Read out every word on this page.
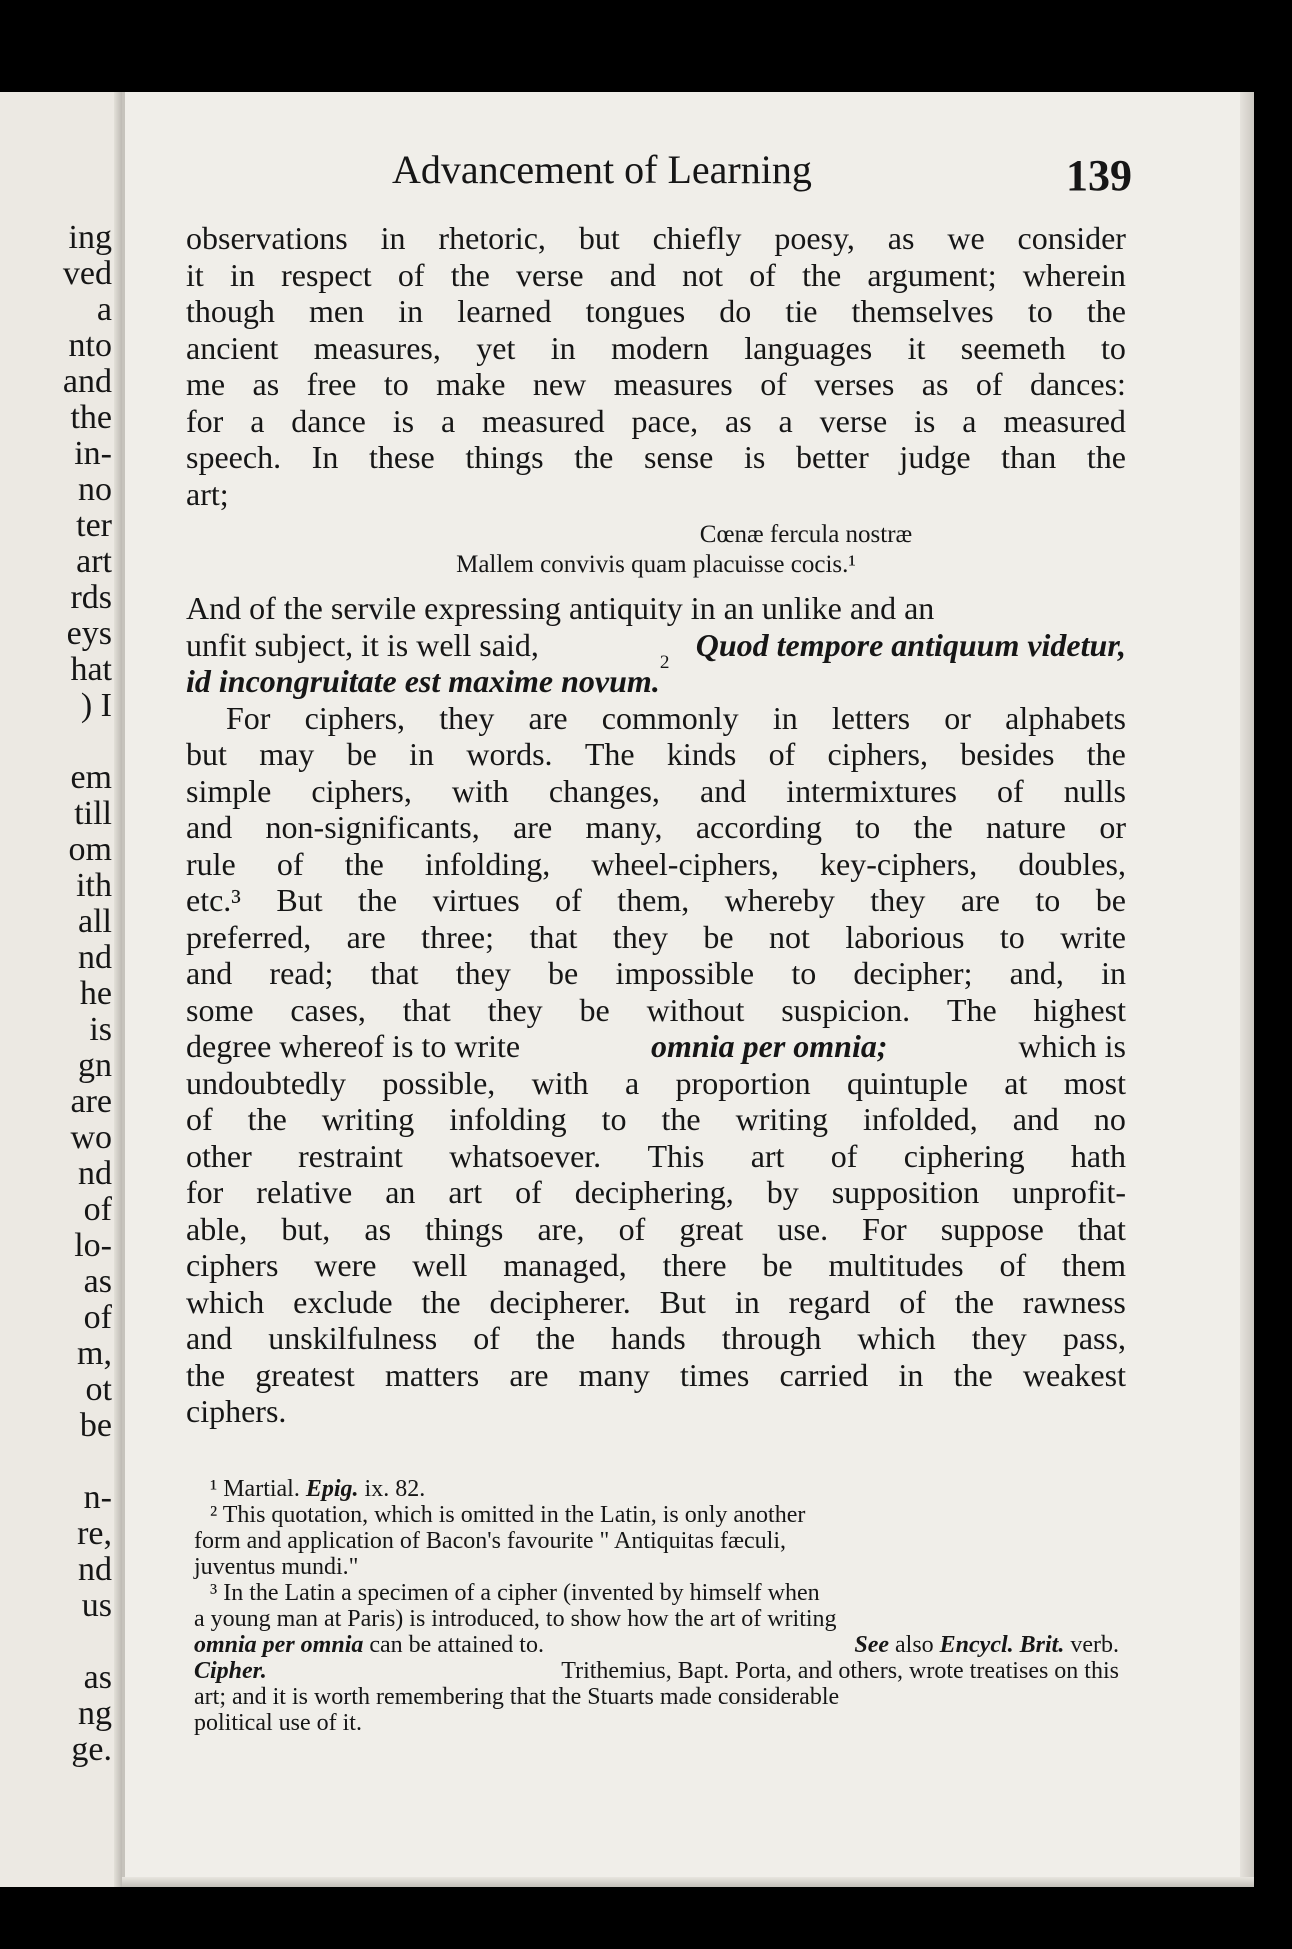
ing
ved
a
nto
and
the
in-
no
ter
art
rds
eys
hat
) I
em
till
om
ith
all
nd
he
is
gn
are
wo
nd
of
lo-
as
of
m,
ot
be
n-
re,
nd
us
as
ng
ge.
Advancement of Learning	139
observations in rhetoric, but chiefly poesy, as we consider
it in respect of the verse and not of the argument; wherein
though men in learned tongues do tie themselves to the
ancient measures, yet in modern languages it seemeth to
me as free to make new measures of verses as of dances:
for a dance is a measured pace, as a verse is a measured
speech. In these things the sense is better judge than the
art;
Cœnæ fercula nostræ
Mallem convivis quam placuisse cocis.¹
And of the servile expressing antiquity in an unlike and an
unfit subject, it is well said,	Quod tempore antiquum videtur,
id incongruitate est maxime novum.
2
For ciphers, they are commonly in letters or alphabets
but may be in words. The kinds of ciphers, besides the
simple ciphers, with changes, and intermixtures of nulls
and non-significants, are many, according to the nature or
rule of the infolding, wheel-ciphers, key-ciphers, doubles,
etc.³ But the virtues of them, whereby they are to be
preferred, are three; that they be not laborious to write
and read; that they be impossible to decipher; and, in
some cases, that they be without suspicion. The highest
degree whereof is to write	omnia per omnia;	which is
undoubtedly possible, with a proportion quintuple at most
of the writing infolding to the writing infolded, and no
other restraint whatsoever. This art of ciphering hath
for relative an art of deciphering, by supposition unprofit-
able, but, as things are, of great use. For suppose that
ciphers were well managed, there be multitudes of them
which exclude the decipherer. But in regard of the rawness
and unskilfulness of the hands through which they pass,
the greatest matters are many times carried in the weakest
ciphers.
¹
Martial.
Epig.
ix. 82.
² This quotation, which is omitted in the Latin, is only another
form and application of Bacon's favourite " Antiquitas fæculi,
juventus mundi."
³ In the Latin a specimen of a cipher (invented by himself when
a young man at Paris) is introduced, to show how the art of writing
omnia per omnia can be attained to.	See also Encycl. Brit. verb.
Cipher.
	Trithemius, Bapt. Porta, and others, wrote treatises on this
art; and it is worth remembering that the Stuarts made considerable
political use of it.
